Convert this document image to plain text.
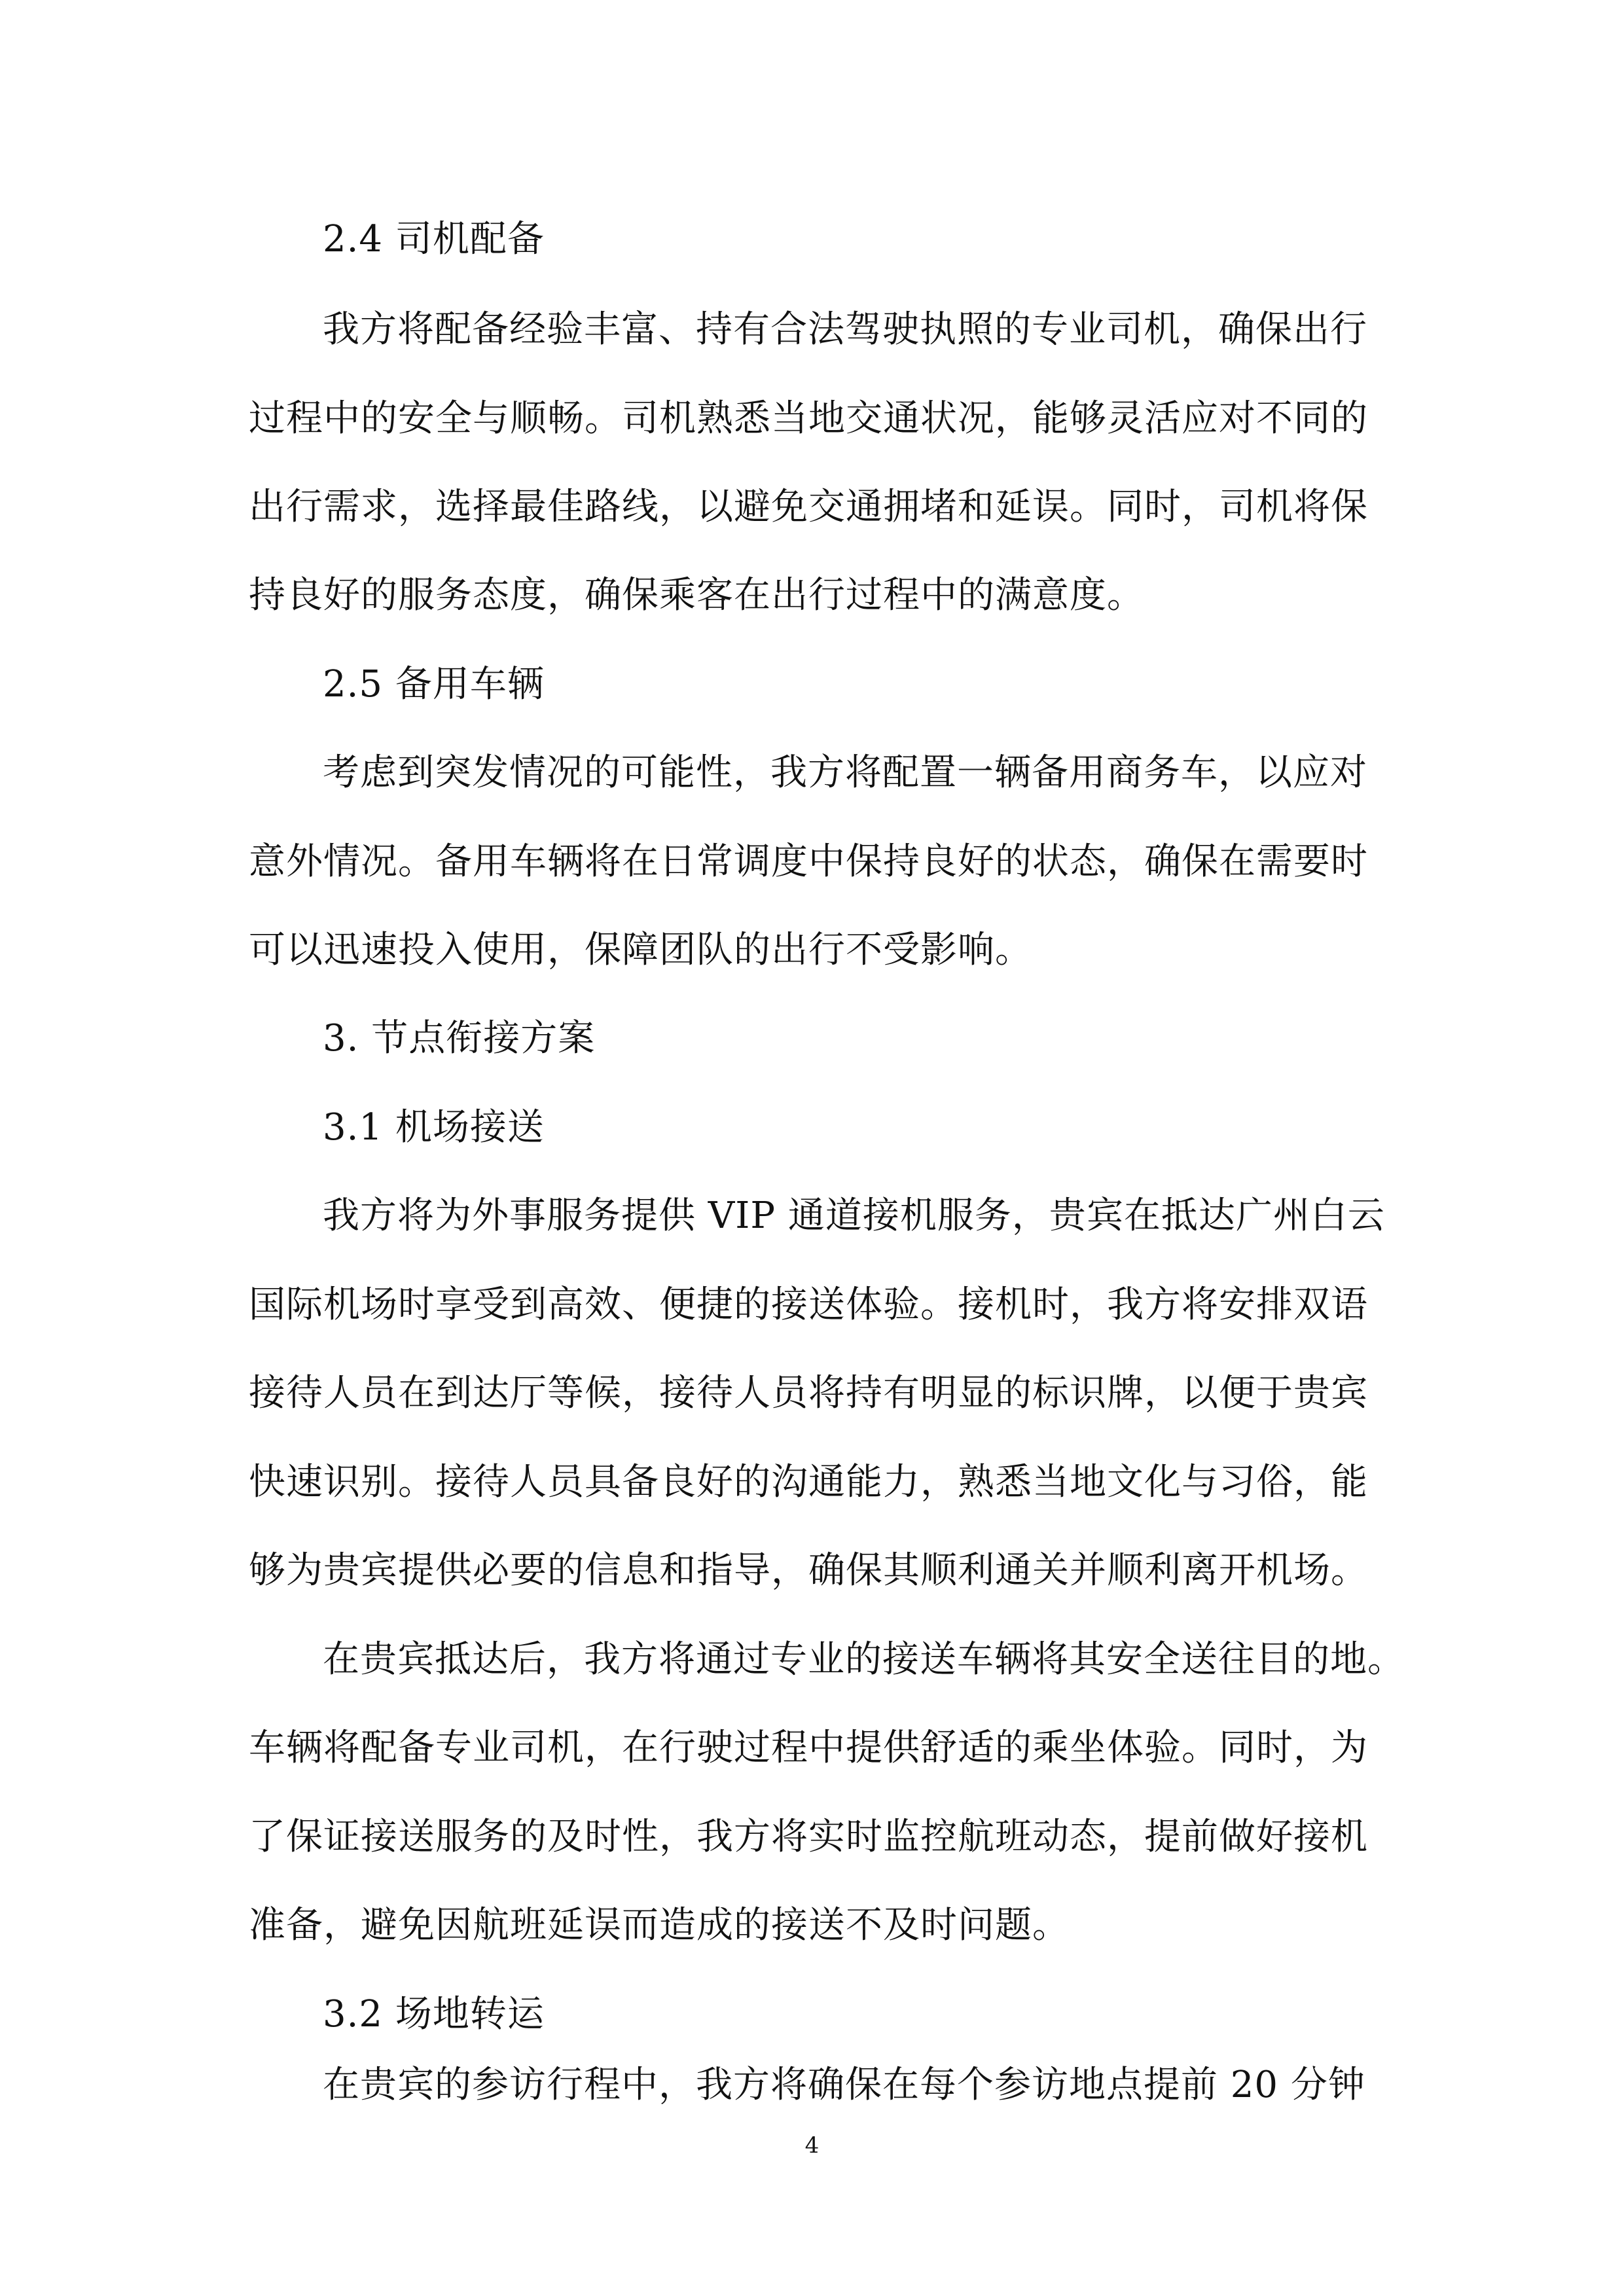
2.4 司机配备
我方将配备经验丰富、持有合法驾驶执照的专业司机，确保出行
过程中的安全与顺畅。司机熟悉当地交通状况，能够灵活应对不同的
出行需求，选择最佳路线，以避免交通拥堵和延误。同时，司机将保
持良好的服务态度，确保乘客在出行过程中的满意度。
2.5 备用车辆
考虑到突发情况的可能性，我方将配置一辆备用商务车，以应对
意外情况。备用车辆将在日常调度中保持良好的状态，确保在需要时
可以迅速投入使用，保障团队的出行不受影响。
3. 节点衔接方案
3.1 机场接送
我方将为外事服务提供 VIP 通道接机服务，贵宾在抵达广州白云
国际机场时享受到高效、便捷的接送体验。接机时，我方将安排双语
接待人员在到达厅等候，接待人员将持有明显的标识牌，以便于贵宾
快速识别。接待人员具备良好的沟通能力，熟悉当地文化与习俗，能
够为贵宾提供必要的信息和指导，确保其顺利通关并顺利离开机场。
在贵宾抵达后，我方将通过专业的接送车辆将其安全送往目的地。
车辆将配备专业司机，在行驶过程中提供舒适的乘坐体验。同时，为
了保证接送服务的及时性，我方将实时监控航班动态，提前做好接机
准备，避免因航班延误而造成的接送不及时问题。
3.2 场地转运
在贵宾的参访行程中，我方将确保在每个参访地点提前 20 分钟
4
